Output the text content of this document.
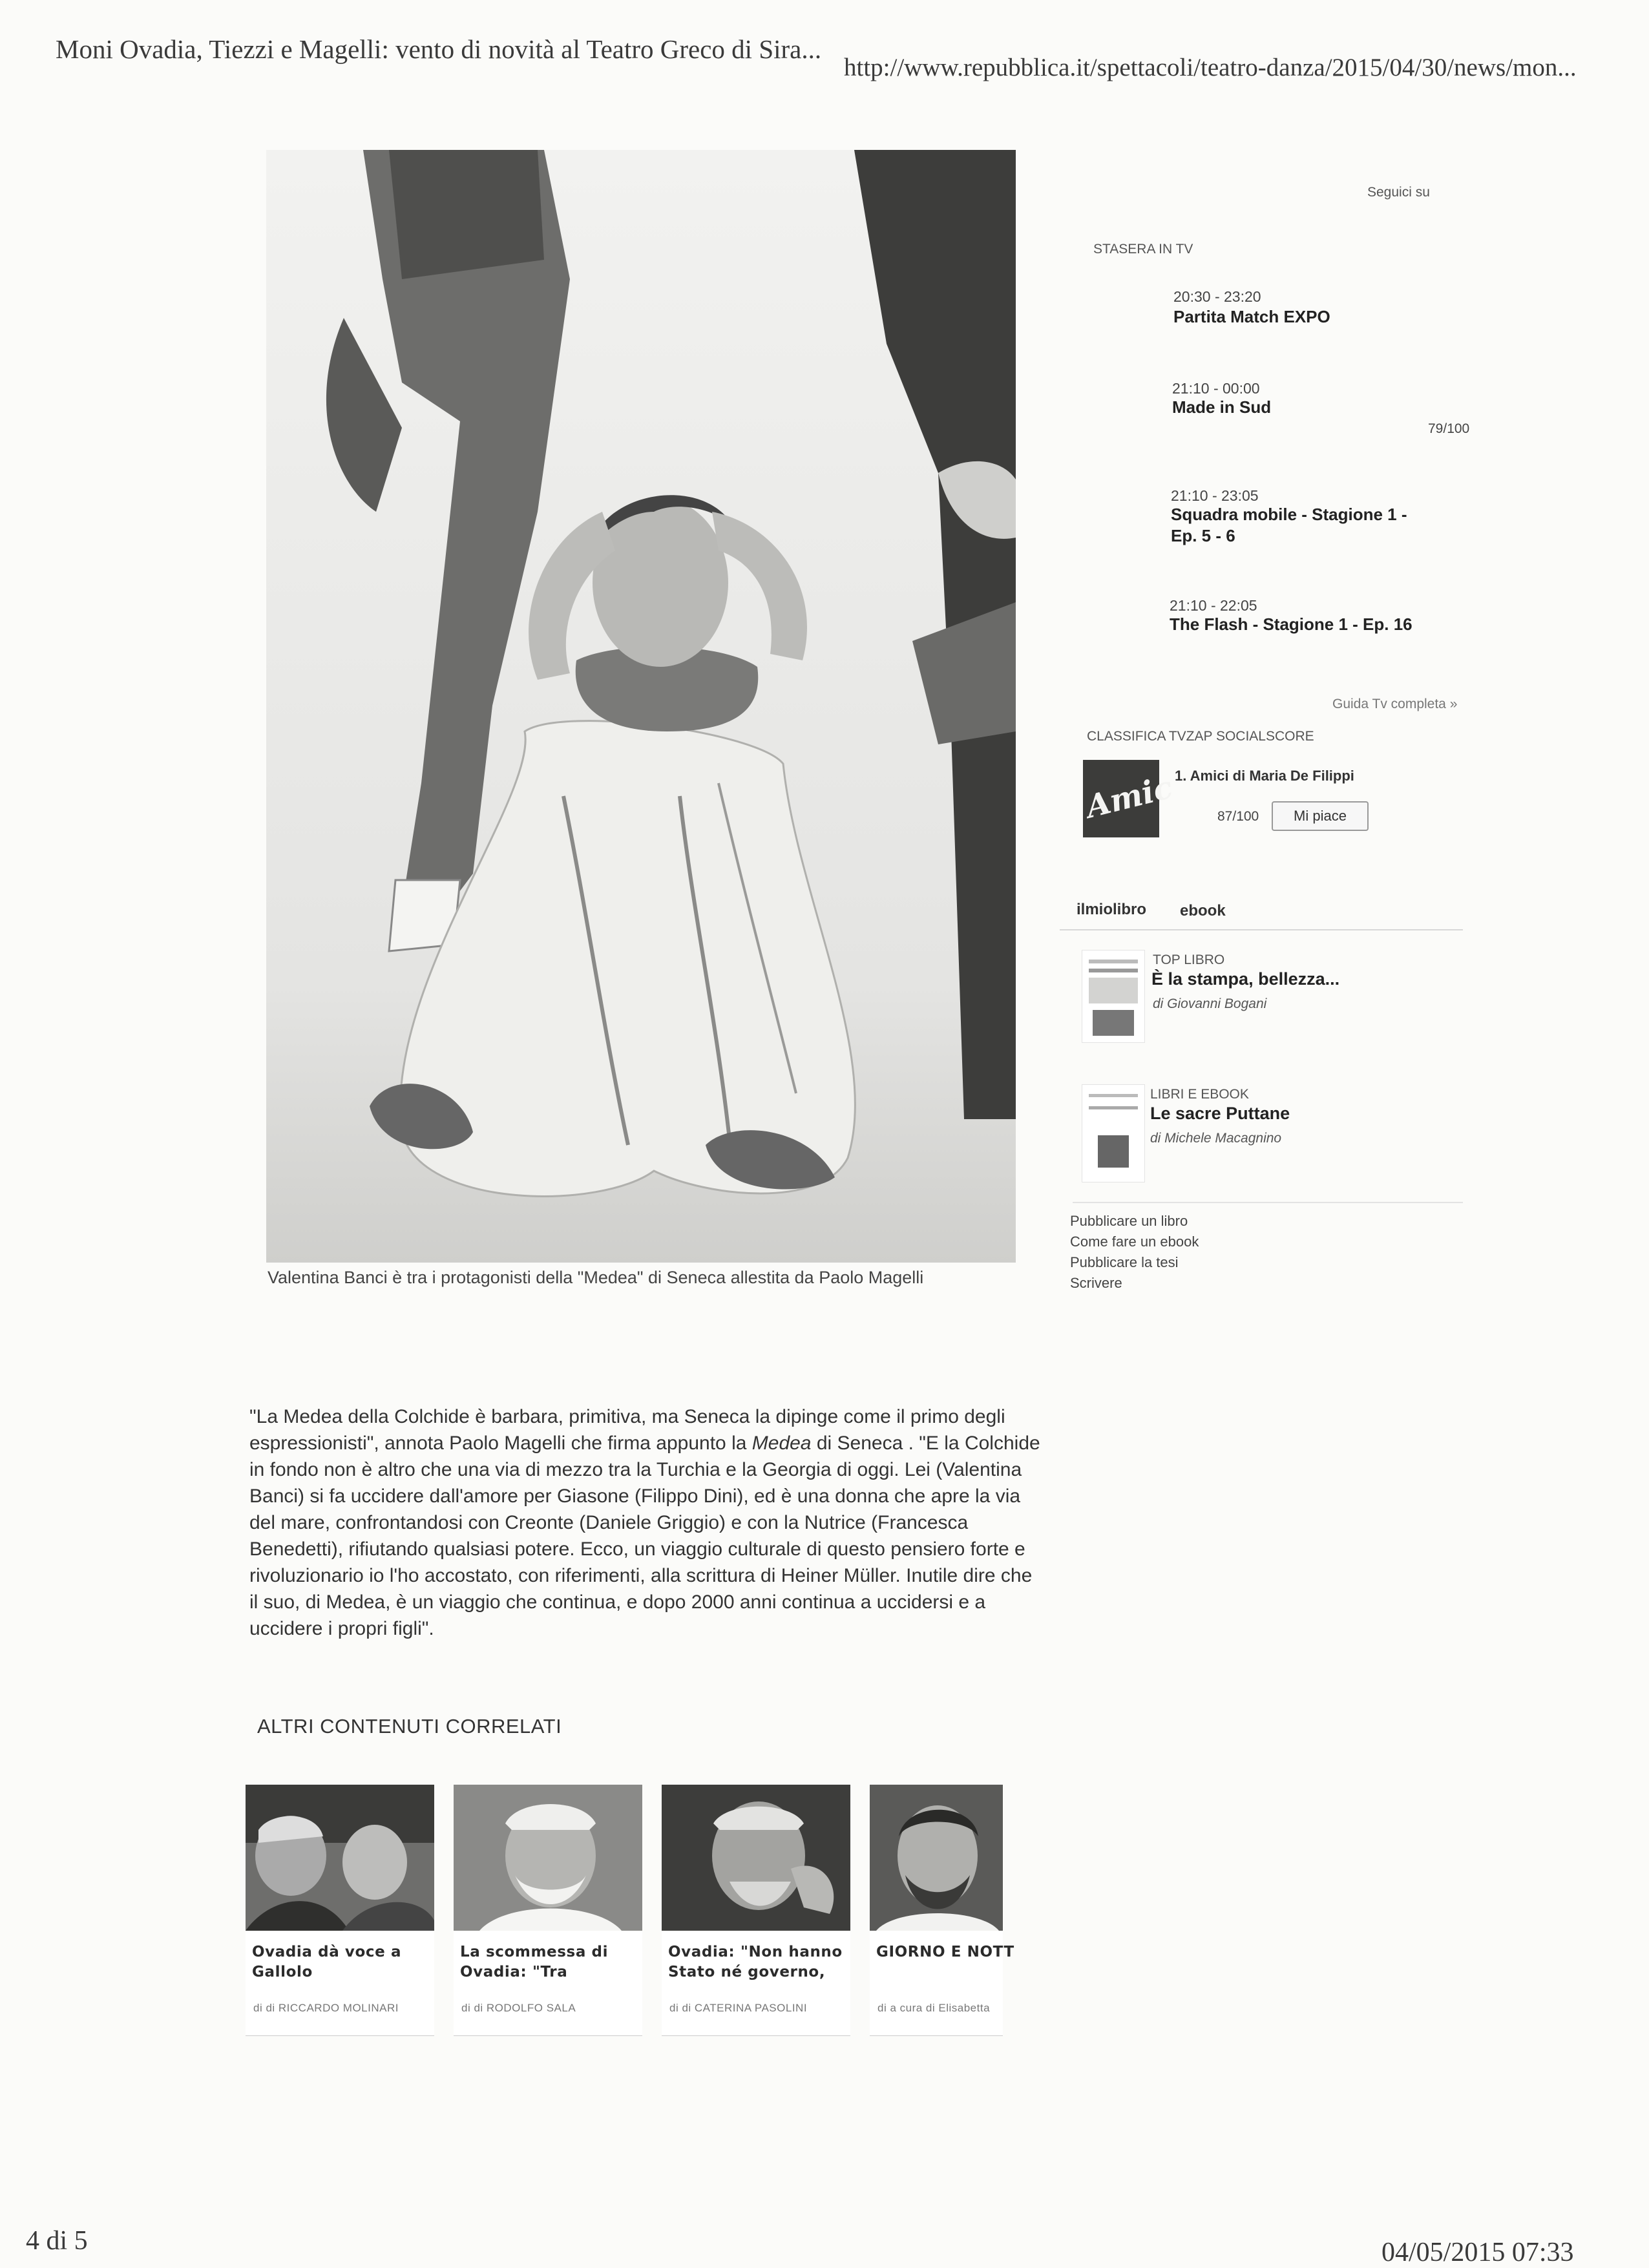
Moni Ovadia, Tiezzi e Magelli: vento di novità al Teatro Greco di Sira...
http://www.repubblica.it/spettacoli/teatro-danza/2015/04/30/news/mon...
Valentina Banci è tra i protagonisti della "Medea" di Seneca allestita da Paolo Magelli
"La Medea della Colchide è barbara, primitiva, ma Seneca la dipinge come il primo degli espressionisti", annota Paolo Magelli che firma appunto la Medea di Seneca . "E la Colchide in fondo non è altro che una via di mezzo tra la Turchia e la Georgia di oggi. Lei (Valentina Banci) si fa uccidere dall'amore per Giasone (Filippo Dini), ed è una donna che apre la via del mare, confrontandosi con Creonte (Daniele Griggio) e con la Nutrice (Francesca Benedetti), rifiutando qualsiasi potere. Ecco, un viaggio culturale di questo pensiero forte e rivoluzionario io l'ho accostato, con riferimenti, alla scrittura di Heiner Müller. Inutile dire che il suo, di Medea, è un viaggio che continua, e dopo 2000 anni continua a uccidersi e a uccidere i propri figli".
ALTRI CONTENUTI CORRELATI
Ovadia dà voce a Gallolo
di di RICCARDO MOLINARI
La scommessa di Ovadia: "Tra
di di RODOLFO SALA
Ovadia: "Non hanno Stato né governo,
di di CATERINA PASOLINI
GIORNO E NOTT
di a cura di Elisabetta
Seguici su
STASERA IN TV
20:30 - 23:20
Partita Match EXPO
21:10 - 00:00
Made in Sud
79/100
21:10 - 23:05
Squadra mobile - Stagione 1 - Ep. 5 - 6
21:10 - 22:05
The Flash - Stagione 1 - Ep. 16
Guida Tv completa »
CLASSIFICA TVZAP SOCIALSCORE
Amic
1. Amici di Maria De Filippi
87/100	Mi piace
ilmiolibro ebook
TOP LIBRO
È la stampa, bellezza...
di Giovanni Bogani
LIBRI E EBOOK
Le sacre Puttane
di Michele Macagnino
Pubblicare un libro
Come fare un ebook
Pubblicare la tesi
Scrivere
4 di 5	04/05/2015 07:33
